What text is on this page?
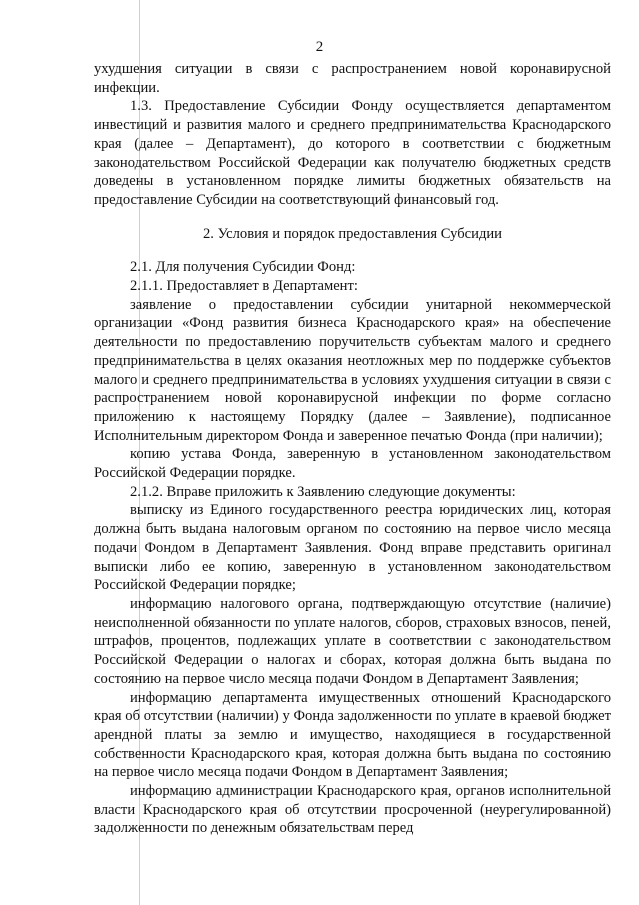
2

ухудшения ситуации в связи с распространением новой коронавирусной инфекции.

1.3. Предоставление Субсидии Фонду осуществляется департаментом инвестиций и развития малого и среднего предпринимательства Краснодарского края (далее – Департамент), до которого в соответствии с бюджетным законодательством Российской Федерации как получателю бюджетных средств доведены в установленном порядке лимиты бюджетных обязательств на предоставление Субсидии на соответствующий финансовый год.

2. Условия и порядок предоставления Субсидии

2.1. Для получения Субсидии Фонд:

2.1.1. Предоставляет в Департамент:

заявление о предоставлении субсидии унитарной некоммерческой организации «Фонд развития бизнеса Краснодарского края» на обеспечение деятельности по предоставлению поручительств субъектам малого и среднего предпринимательства в целях оказания неотложных мер по поддержке субъектов малого и среднего предпринимательства в условиях ухудшения ситуации в связи с распространением новой коронавирусной инфекции по форме согласно приложению к настоящему Порядку (далее – Заявление), подписанное Исполнительным директором Фонда и заверенное печатью Фонда (при наличии);

копию устава Фонда, заверенную в установленном законодательством Российской Федерации порядке.

2.1.2. Вправе приложить к Заявлению следующие документы:

выписку из Единого государственного реестра юридических лиц, которая должна быть выдана налоговым органом по состоянию на первое число месяца подачи Фондом в Департамент Заявления. Фонд вправе представить оригинал выписки либо ее копию, заверенную в установленном законодательством Российской Федерации порядке;

информацию налогового органа, подтверждающую отсутствие (наличие) неисполненной обязанности по уплате налогов, сборов, страховых взносов, пеней, штрафов, процентов, подлежащих уплате в соответствии с законодательством Российской Федерации о налогах и сборах, которая должна быть выдана по состоянию на первое число месяца подачи Фондом в Департамент Заявления;

информацию департамента имущественных отношений Краснодарского края об отсутствии (наличии) у Фонда задолженности по уплате в краевой бюджет арендной платы за землю и имущество, находящиеся в государственной собственности Краснодарского края, которая должна быть выдана по состоянию на первое число месяца подачи Фондом в Департамент Заявления;

информацию администрации Краснодарского края, органов исполнительной власти Краснодарского края об отсутствии просроченной (неурегулированной) задолженности по денежным обязательствам перед
